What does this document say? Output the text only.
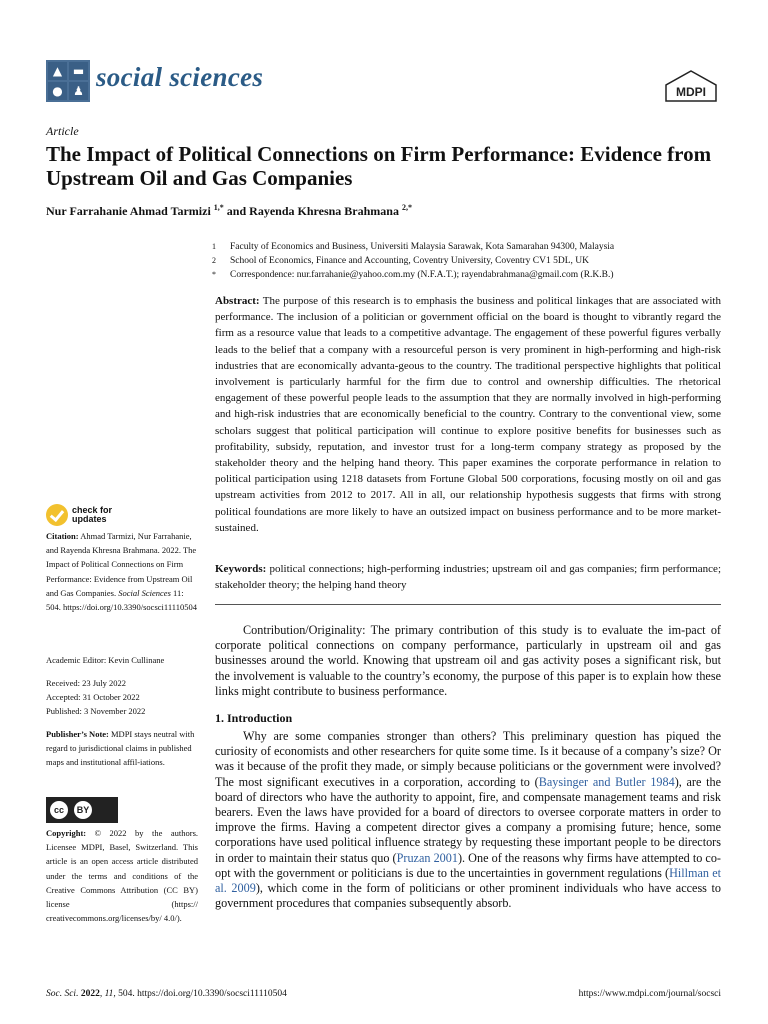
▲ ▬
● ♟ social sciences	MDPI
Article
The Impact of Political Connections on Firm Performance: Evidence from Upstream Oil and Gas Companies
Nur Farrahanie Ahmad Tarmizi $^{1,*}$ and Rayenda Khresna Brahmana $^{2,*}$
1	Faculty of Economics and Business, Universiti Malaysia Sarawak, Kota Samarahan 94300, Malaysia
2	School of Economics, Finance and Accounting, Coventry University, Coventry CV1 5DL, UK
*	Correspondence: nur.farrahanie@yahoo.com.my (N.F.A.T.); rayendabrahmana@gmail.com (R.K.B.)
Abstract: The purpose of this research is to emphasis the business and political linkages that are associated with performance. The inclusion of a politician or government official on the board is thought to vibrantly regard the firm as a resource value that leads to a competitive advantage. The engagement of these powerful figures verbally leads to the belief that a company with a resourceful person is very prominent in high-performing and high-risk industries that are economically advanta-geous to the country. The traditional perspective highlights that political involvement is particularly harmful for the firm due to control and ownership difficulties. The rhetorical engagement of these powerful people leads to the assumption that they are normally involved in high-performing and high-risk industries that are economically beneficial to the country. Contrary to the conventional view, some scholars suggest that political participation will continue to explore positive benefits for businesses such as profitability, subsidy, reputation, and investor trust for a long-term company strategy as proposed by the stakeholder theory and the helping hand theory. This paper examines the corporate performance in relation to political participation using 1218 datasets from Fortune Global 500 corporations, focusing mostly on oil and gas upstream activities from 2012 to 2017. All in all, our relationship hypothesis suggests that firms with strong political foundations are more likely to have an outsized impact on business performance and to be more market-sustained.
Keywords: political connections; high-performing industries; upstream oil and gas companies; firm performance; stakeholder theory; the helping hand theory

Contribution/Originality: The primary contribution of this study is to evaluate the im-pact of corporate political connections on company performance, particularly in upstream oil and gas businesses around the world. Knowing that upstream oil and gas activity poses a significant risk, but the involvement is valuable to the country’s economy, the purpose of this paper is to explain how these links might contribute to business performance.

1. Introduction

Why are some companies stronger than others? This preliminary question has piqued the curiosity of economists and other researchers for quite some time. Is it because of a company’s size? Or was it because of the profit they made, or simply because politicians or the government were involved? The most significant executives in a corporation, according to (Baysinger and Butler 1984), are the board of directors who have the authority to appoint, fire, and compensate management teams and risk bearers. Even the laws have provided for a board of directors to oversee corporate matters in order to improve the firms. Having a competent director gives a company a promising future; hence, some corporations have used political influence strategy by requesting these important people to be directors in order to maintain their status quo (Pruzan 2001). One of the reasons why firms have attempted to co-opt with the government or politicians is due to the uncertainties in government regulations (Hillman et al. 2009), which come in the form of politicians or other prominent individuals who have access to government procedures that companies subsequently absorb.

check for
updates
Citation: Ahmad Tarmizi, Nur Farrahanie, and Rayenda Khresna Brahmana. 2022. The Impact of Political Connections on Firm Performance: Evidence from Upstream Oil and Gas Companies. Social Sciences 11: 504. https://doi.org/10.3390/socsci11110504
Academic Editor: Kevin Cullinane
Received: 23 July 2022
Accepted: 31 October 2022
Published: 3 November 2022
Publisher’s Note: MDPI stays neutral with regard to jurisdictional claims in published maps and institutional affil-iations.
cc	BY
Copyright: © 2022 by the authors. Licensee MDPI, Basel, Switzerland. This article is an open access article distributed under the terms and conditions of the Creative Commons Attribution (CC BY) license (https:// creativecommons.org/licenses/by/ 4.0/).
Soc. Sci. 2022, 11, 504. https://doi.org/10.3390/socsci11110504	https://www.mdpi.com/journal/socsci
